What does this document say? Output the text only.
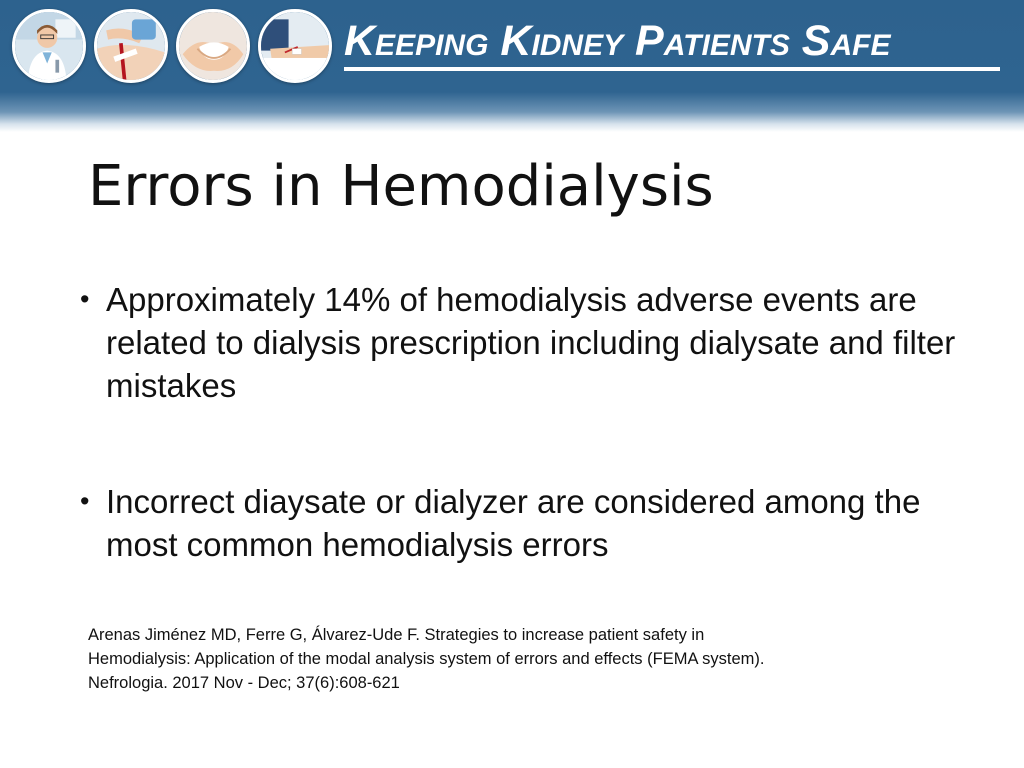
Keeping Kidney Patients Safe
Errors in Hemodialysis
• Approximately 14% of hemodialysis adverse events are related to dialysis prescription including dialysate and filter mistakes
• Incorrect diaysate or dialyzer are considered among the most common hemodialysis errors

Arenas Jiménez MD, Ferre G, Álvarez-Ude F. Strategies to increase patient safety in
Hemodialysis: Application of the modal analysis system of errors and effects (FEMA system).
Nefrologia. 2017 Nov - Dec; 37(6):608-621
